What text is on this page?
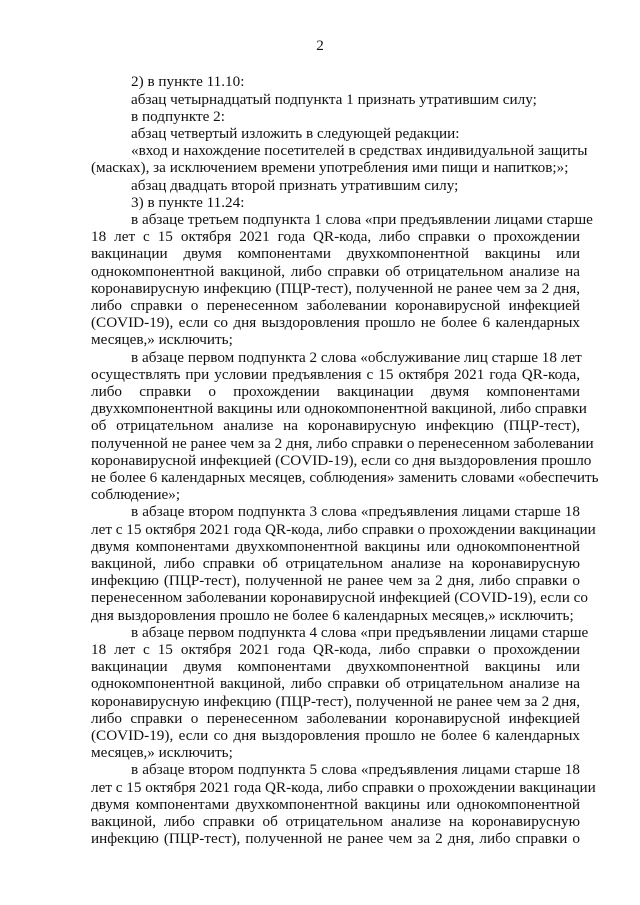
2
2) в пункте 11.10:
абзац четырнадцатый подпункта 1 признать утратившим силу;
в подпункте 2:
абзац четвертый изложить в следующей редакции:
«вход и нахождение посетителей в средствах индивидуальной защиты
(масках), за исключением времени употребления ими пищи и напитков;»;
абзац двадцать второй признать утратившим силу;
3) в пункте 11.24:
в абзаце третьем подпункта 1 слова «при предъявлении лицами старше
18 лет с 15 октября 2021 года QR-кода, либо справки о прохождении
вакцинации двумя компонентами двухкомпонентной вакцины или
однокомпонентной вакциной, либо справки об отрицательном анализе на
коронавирусную инфекцию (ПЦР-тест), полученной не ранее чем за 2 дня,
либо справки о перенесенном заболевании коронавирусной инфекцией
(COVID-19), если со дня выздоровления прошло не более 6 календарных
месяцев,» исключить;
в абзаце первом подпункта 2 слова «обслуживание лиц старше 18 лет
осуществлять при условии предъявления с 15 октября 2021 года QR-кода,
либо справки о прохождении вакцинации двумя компонентами
двухкомпонентной вакцины или однокомпонентной вакциной, либо справки
об отрицательном анализе на коронавирусную инфекцию (ПЦР-тест),
полученной не ранее чем за 2 дня, либо справки о перенесенном заболевании
коронавирусной инфекцией (COVID-19), если со дня выздоровления прошло
не более 6 календарных месяцев, соблюдения» заменить словами «обеспечить
соблюдение»;
в абзаце втором подпункта 3 слова «предъявления лицами старше 18
лет с 15 октября 2021 года QR-кода, либо справки о прохождении вакцинации
двумя компонентами двухкомпонентной вакцины или однокомпонентной
вакциной, либо справки об отрицательном анализе на коронавирусную
инфекцию (ПЦР-тест), полученной не ранее чем за 2 дня, либо справки о
перенесенном заболевании коронавирусной инфекцией (COVID-19), если со
дня выздоровления прошло не более 6 календарных месяцев,» исключить;
в абзаце первом подпункта 4 слова «при предъявлении лицами старше
18 лет с 15 октября 2021 года QR-кода, либо справки о прохождении
вакцинации двумя компонентами двухкомпонентной вакцины или
однокомпонентной вакциной, либо справки об отрицательном анализе на
коронавирусную инфекцию (ПЦР-тест), полученной не ранее чем за 2 дня,
либо справки о перенесенном заболевании коронавирусной инфекцией
(COVID-19), если со дня выздоровления прошло не более 6 календарных
месяцев,» исключить;
в абзаце втором подпункта 5 слова «предъявления лицами старше 18
лет с 15 октября 2021 года QR-кода, либо справки о прохождении вакцинации
двумя компонентами двухкомпонентной вакцины или однокомпонентной
вакциной, либо справки об отрицательном анализе на коронавирусную
инфекцию (ПЦР-тест), полученной не ранее чем за 2 дня, либо справки о
